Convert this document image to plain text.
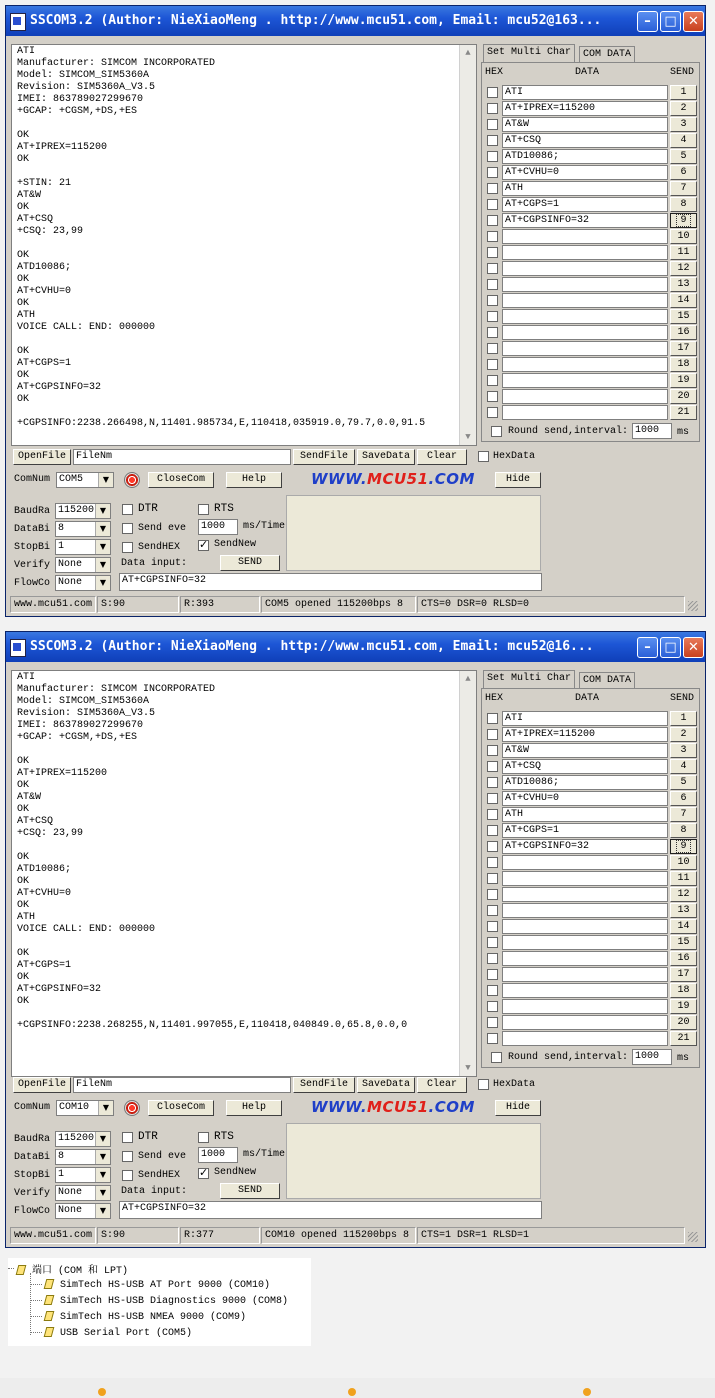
SSCOM3.2 (Author: NieXiaoMeng . http://www.mcu51.com, Email: mcu52@163...	–	□ ✕
ATI
Manufacturer: SIMCOM INCORPORATED
Model: SIMCOM_SIM5360A
Revision: SIM5360A_V3.5
IMEI: 863789027299670
+GCAP: +CGSM,+DS,+ES

OK
AT+IPREX=115200
OK

+STIN: 21
AT&W
OK
AT+CSQ
+CSQ: 23,99

OK
ATD10086;
OK
AT+CVHU=0
OK
ATH
VOICE CALL: END: 000000

OK
AT+CGPS=1
OK
AT+CGPSINFO=32
OK

+CGPSINFO:2238.266498,N,11401.985734,E,110418,035919.0,79.7,0.0,91.5
▲
▼
Set Multi Char	COM DATA
HEX	DATA	SEND
ATI	1
AT+IPREX=115200	2
AT&W	3
AT+CSQ	4
ATD10086;	5
AT+CVHU=0	6
ATH	7
AT+CGPS=1	8
AT+CGPSINFO=32	9
10
11
12
13
14
15
16
17
18
19
20
21
Round send,interval: 1000	ms
OpenFile	FileNm	SendFile	SaveData	Clear	HexData
ComNum COM5	▼	CloseCom	Help	WWW.MCU51.COM	Hide
BaudRa 115200 ▼
DataBi 8	▼
StopBi 1	▼
Verify None	▼
FlowCo None	▼
DTR	RTS
Send eve	1000	ms/Time
SendHEX ✓	SendNew
Data input:	SEND
AT+CGPSINFO=32
www.mcu51.com S:90	R:393	COM5 opened 115200bps 8	CTS=0 DSR=0 RLSD=0
SSCOM3.2 (Author: NieXiaoMeng . http://www.mcu51.com, Email: mcu52@16...	–	□ ✕
ATI
Manufacturer: SIMCOM INCORPORATED
Model: SIMCOM_SIM5360A
Revision: SIM5360A_V3.5
IMEI: 863789027299670
+GCAP: +CGSM,+DS,+ES

OK
AT+IPREX=115200
OK
AT&W
OK
AT+CSQ
+CSQ: 23,99

OK
ATD10086;
OK
AT+CVHU=0
OK
ATH
VOICE CALL: END: 000000

OK
AT+CGPS=1
OK
AT+CGPSINFO=32
OK

+CGPSINFO:2238.268255,N,11401.997055,E,110418,040849.0,65.8,0.0,0
▲
▼
Set Multi Char	COM DATA
HEX	DATA	SEND
ATI	1
AT+IPREX=115200	2
AT&W	3
AT+CSQ	4
ATD10086;	5
AT+CVHU=0	6
ATH	7
AT+CGPS=1	8
AT+CGPSINFO=32	9
10
11
12
13
14
15
16
17
18
19
20
21
Round send,interval: 1000	ms
OpenFile	FileNm	SendFile	SaveData	Clear	HexData
ComNum COM10	▼	CloseCom	Help	WWW.MCU51.COM	Hide
BaudRa 115200 ▼
DataBi 8	▼
StopBi 1	▼
Verify None	▼
FlowCo None	▼
DTR	RTS
Send eve	1000	ms/Time
SendHEX ✓	SendNew
Data input:	SEND
AT+CGPSINFO=32
www.mcu51.com S:90	R:377	COM10 opened 115200bps 8	CTS=1 DSR=1 RLSD=1
端口 (COM 和 LPT)
SimTech HS-USB AT Port 9000 (COM10)
SimTech HS-USB Diagnostics 9000 (COM8)
SimTech HS-USB NMEA 9000 (COM9)
USB Serial Port (COM5)
